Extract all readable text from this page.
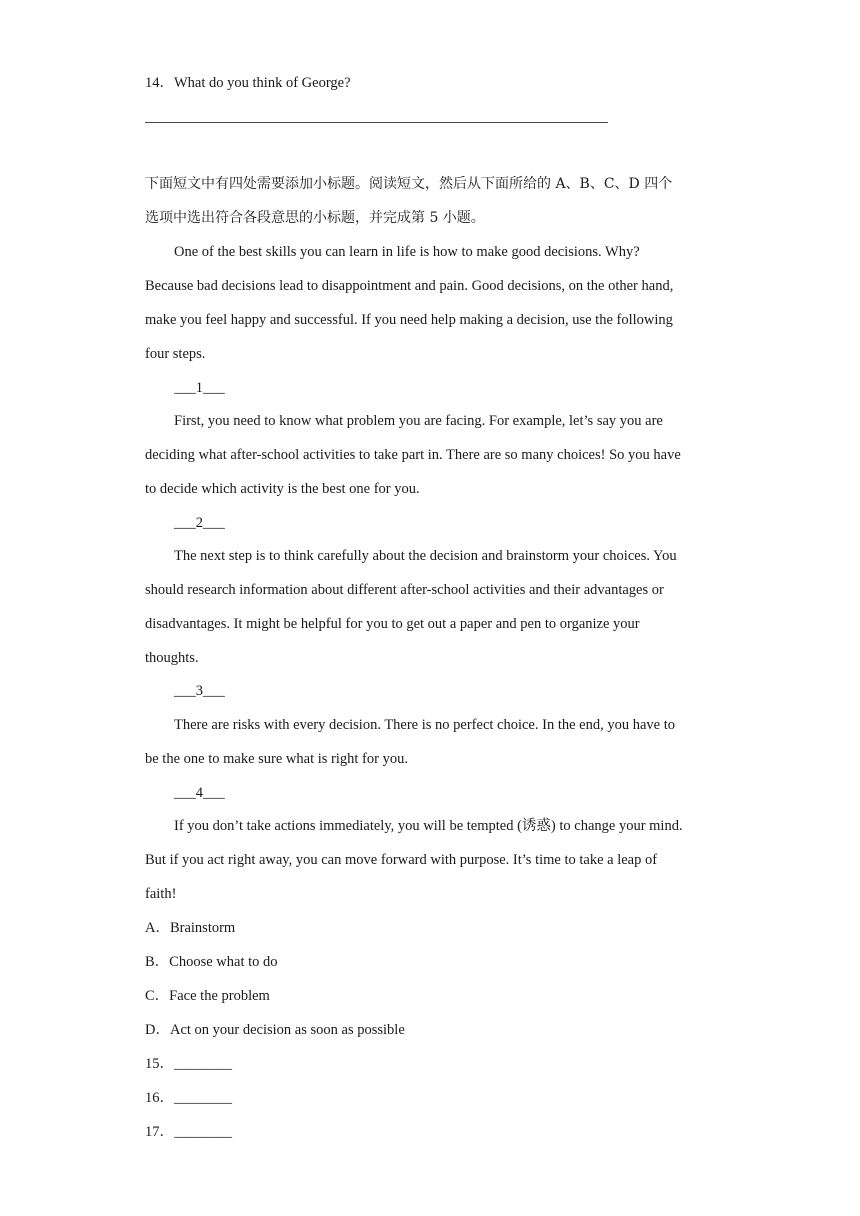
14．What do you think of George?
下面短文中有四处需要添加小标题。阅读短文，然后从下面所给的 A、B、C、D 四个
选项中选出符合各段意思的小标题，并完成第 5 小题。
One of the best skills you can learn in life is how to make good decisions. Why?
Because bad decisions lead to disappointment and pain. Good decisions, on the other hand,
make you feel happy and successful. If you need help making a decision, use the following
four steps.
___1___
First, you need to know what problem you are facing. For example, let’s say you are
deciding what after-school activities to take part in. There are so many choices! So you have
to decide which activity is the best one for you.
___2___
The next step is to think carefully about the decision and brainstorm your choices. You
should research information about different after-school activities and their advantages or
disadvantages. It might be helpful for you to get out a paper and pen to organize your
thoughts.
___3___
There are risks with every decision. There is no perfect choice. In the end, you have to
be the one to make sure what is right for you.
___4___
If you don’t take actions immediately, you will be tempted (诱惑) to change your mind.
But if you act right away, you can move forward with purpose. It’s time to take a leap of
faith!
A．Brainstorm
B．Choose what to do
C．Face the problem
D．Act on your decision as soon as possible
15．________
16．________
17．________
